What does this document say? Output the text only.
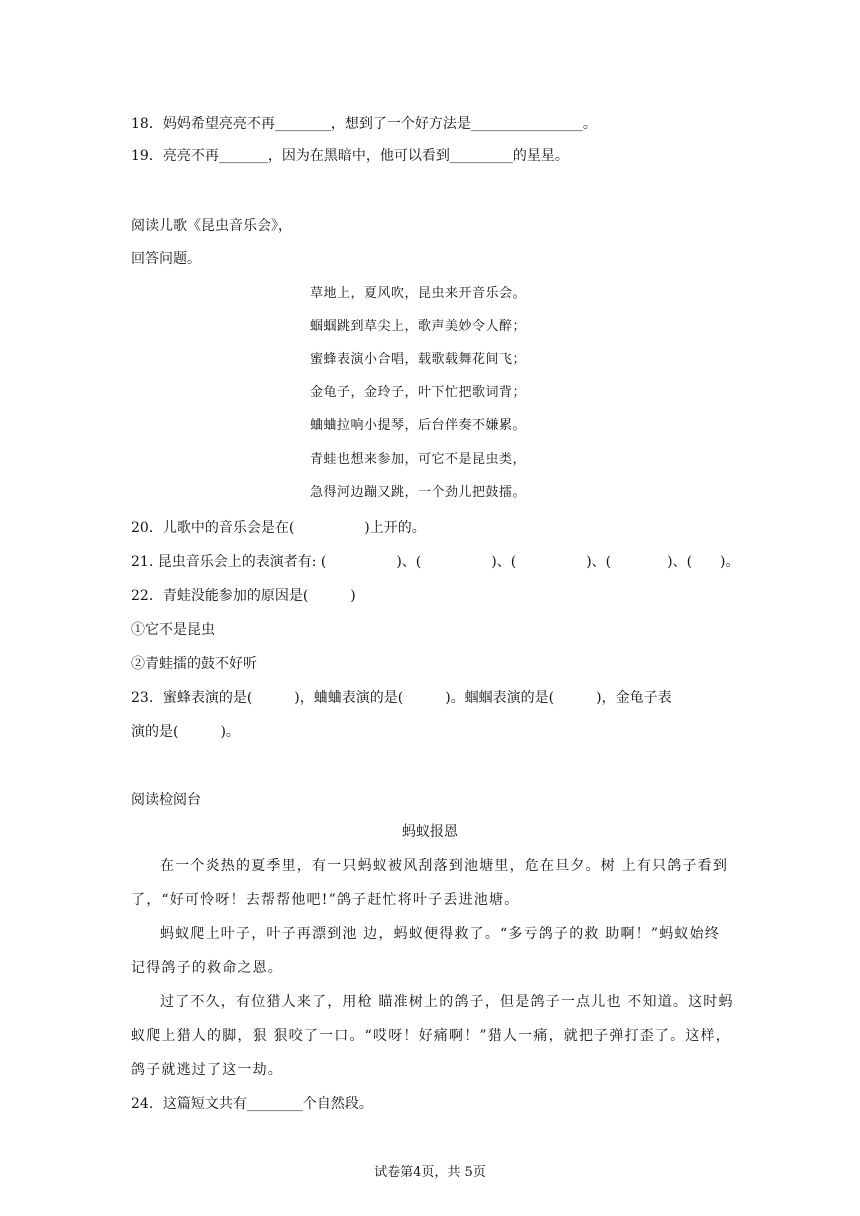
18．妈妈希望亮亮不再________，想到了一个好方法是________________。
19．亮亮不再_______，因为在黑暗中，他可以看到_________的星星。
阅读儿歌《昆虫音乐会》，
回答问题。
草地上，夏风吹，昆虫来开音乐会。
蝈蝈跳到草尖上，歌声美妙令人醉；
蜜蜂表演小合唱，载歌载舞花间飞；
金龟子，金玲子，叶下忙把歌词背；
蛐蛐拉响小提琴，后台伴奏不嫌累。
青蛙也想来参加，可它不是昆虫类，
急得河边蹦又跳，一个劲儿把鼓擂。
20．儿歌中的音乐会是在(　　　　　)上开的。
21. 昆虫音乐会上的表演者有: (　　　　　)、(　　　　　)、(　　　　　)、(　　　　)、(　　)。
22．青蛙没能参加的原因是(　　　)
①它不是昆虫
②青蛙擂的鼓不好听
23．蜜蜂表演的是(　　　)，蛐蛐表演的是(　　　)。蝈蝈表演的是(　　　)，金龟子表
演的是(　　　)。
阅读检阅台
蚂蚁报恩
在一个炎热的夏季里，有一只蚂蚁被风刮落到池塘里，危在旦夕。树 上有只鸽子看到
了，“好可怜呀！去帮帮他吧!”鸽子赶忙将叶子丢进池塘。
蚂蚁爬上叶子，叶子再漂到池 边，蚂蚁便得救了。“多亏鸽子的救 助啊！”蚂蚁始终
记得鸽子的救命之恩。
过了不久，有位猎人来了，用枪 瞄准树上的鸽子，但是鸽子一点儿也 不知道。这时蚂
蚁爬上猎人的脚，狠 狠咬了一口。“哎呀！好痛啊！”猎人一痛，就把子弹打歪了。这样，
鸽子就逃过了这一劫。
24．这篇短文共有________个自然段。
试卷第4页，共 5页
